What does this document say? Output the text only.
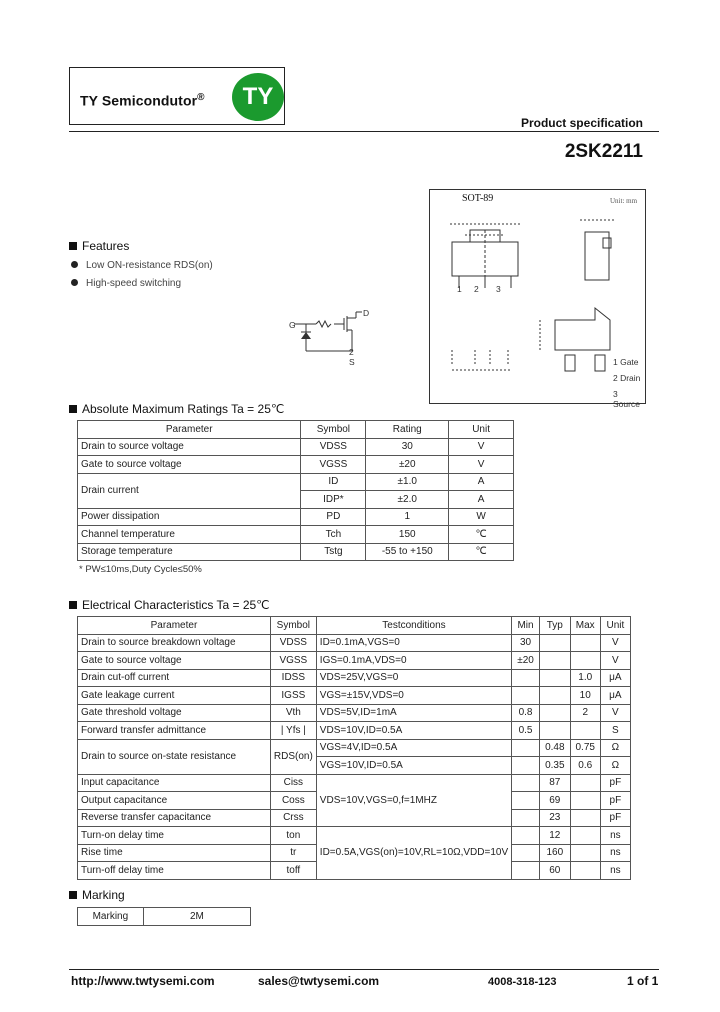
TY Semicondutor®	TY
Product specification
2SK2211
SOT-89	Unit: mm
1 2 3
1 Gate
2 Drain
3 Source
Features
Low ON-resistance RDS(on)
High-speed switching
G
D
2
S
Absolute Maximum Ratings Ta = 25℃
Parameter	Symbol	Rating	Unit
Drain to source voltage	VDSS	30	V
Gate to source voltage	VGSS	±20	V
Drain current	ID	±1.0	A
	IDP*	±2.0	A
Power dissipation	PD	1	W
Channel temperature	Tch	150	℃
Storage temperature	Tstg	-55 to +150	℃
* PW≤10ms,Duty Cycle≤50%
Electrical Characteristics Ta = 25℃
Parameter	Symbol	Testconditions	Min	Typ	Max	Unit
Drain to source breakdown voltage	VDSS	ID=0.1mA,VGS=0	30			V
Gate to source voltage	VGSS	IGS=0.1mA,VDS=0	±20			V
Drain cut-off current	IDSS	VDS=25V,VGS=0			1.0	μA
Gate leakage current	IGSS	VGS=±15V,VDS=0			10	μA
Gate threshold voltage	Vth	VDS=5V,ID=1mA	0.8		2	V
Forward transfer admittance	| Yfs |	VDS=10V,ID=0.5A	0.5			S
Drain to source on-state resistance	RDS(on)	VGS=4V,ID=0.5A		0.48	0.75	Ω
		VGS=10V,ID=0.5A		0.35	0.6	Ω
Input capacitance	Ciss	VDS=10V,VGS=0,f=1MHZ		87		pF
Output capacitance	Coss			69		pF
Reverse transfer capacitance	Crss			23		pF
Turn-on delay time	ton	ID=0.5A,VGS(on)=10V,RL=10Ω,VDD=10V		12		ns
Rise time	tr			160		ns
Turn-off delay time	toff			60		ns
Marking
Marking	2M
http://www.twtysemi.com	sales@twtysemi.com	4008-318-123	1 of 1
